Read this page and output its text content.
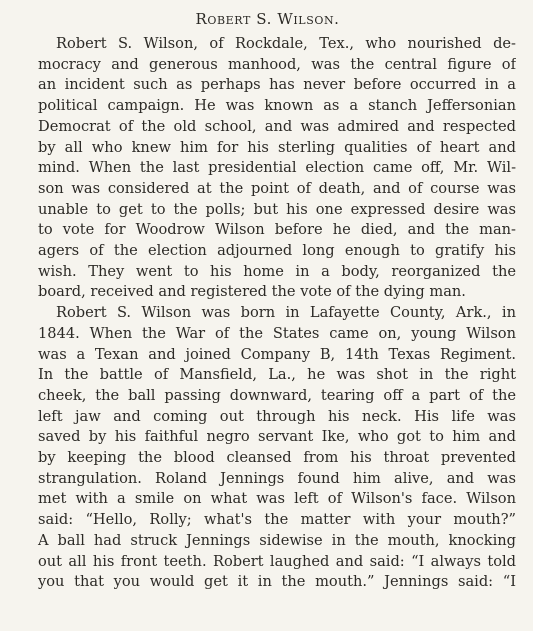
Robert S. Wilson.
Robert S. Wilson, of Rockdale, Tex., who nourished de-
mocracy and generous manhood, was the central figure of
an incident such as perhaps has never before occurred in a
political campaign. He was known as a stanch Jeffersonian
Democrat of the old school, and was admired and respected
by all who knew him for his sterling qualities of heart and
mind. When the last presidential election came off, Mr. Wil-
son was considered at the point of death, and of course was
unable to get to the polls; but his one expressed desire was
to vote for Woodrow Wilson before he died, and the man-
agers of the election adjourned long enough to gratify his
wish. They went to his home in a body, reorganized the
board, received and registered the vote of the dying man.
Robert S. Wilson was born in Lafayette County, Ark., in
1844. When the War of the States came on, young Wilson
was a Texan and joined Company B, 14th Texas Regiment.
In the battle of Mansfield, La., he was shot in the right
cheek, the ball passing downward, tearing off a part of the
left jaw and coming out through his neck. His life was
saved by his faithful negro servant Ike, who got to him and
by keeping the blood cleansed from his throat prevented
strangulation. Roland Jennings found him alive, and was
met with a smile on what was left of Wilson's face. Wilson
said: “Hello, Rolly; what's the matter with your mouth?”
A ball had struck Jennings sidewise in the mouth, knocking
out all his front teeth. Robert laughed and said: “I always told
you that you would get it in the mouth.” Jennings said: “I
